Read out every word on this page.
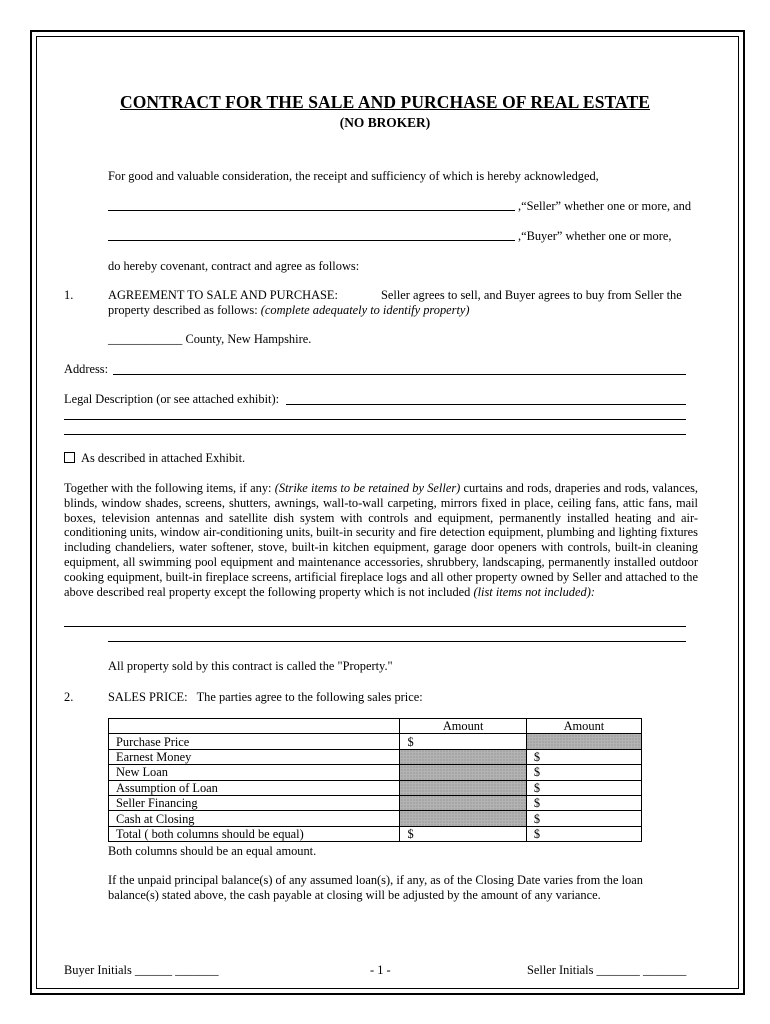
CONTRACT FOR THE SALE AND PURCHASE OF REAL ESTATE
(NO BROKER)
For good and valuable consideration, the receipt and sufficiency of which is hereby acknowledged,
,“Seller” whether one or more, and
,“Buyer” whether one or more,
do hereby covenant, contract and agree as follows:
1.	AGREEMENT TO SALE AND PURCHASE:	Seller agrees to sell, and Buyer agrees to buy from Seller the
property described as follows: (complete adequately to identify property)
____________ County, New Hampshire.
Address:
Legal Description (or see attached exhibit):
As described in attached Exhibit.
Together with the following items, if any: (Strike items to be retained by Seller) curtains and rods, draperies and rods, valances, blinds, window shades, screens, shutters, awnings, wall-to-wall carpeting, mirrors fixed in place, ceiling fans, attic fans, mail boxes, television antennas and satellite dish system with controls and equipment, permanently installed heating and air-conditioning units, window air-conditioning units, built-in security and fire detection equipment, plumbing and lighting fixtures including chandeliers, water softener, stove, built-in kitchen equipment, garage door openers with controls, built-in cleaning equipment, all swimming pool equipment and maintenance accessories, shrubbery, landscaping, permanently installed outdoor cooking equipment, built-in fireplace screens, artificial fireplace logs and all other property owned by Seller and attached to the above described real property except the following property which is not included (list items not included):
All property sold by this contract is called the "Property."
2.	SALES PRICE: The parties agree to the following sales price:
	Amount	Amount
Purchase Price	$	
Earnest Money		$
New Loan		$
Assumption of Loan		$
Seller Financing		$
Cash at Closing		$
Total ( both columns should be equal)	$	$
Both columns should be an equal amount.
If the unpaid principal balance(s) of any assumed loan(s), if any, as of the Closing Date varies from the loan balance(s) stated above, the cash payable at closing will be adjusted by the amount of any variance.
Buyer Initials ______ _______	- 1 -	Seller Initials _______ _______
